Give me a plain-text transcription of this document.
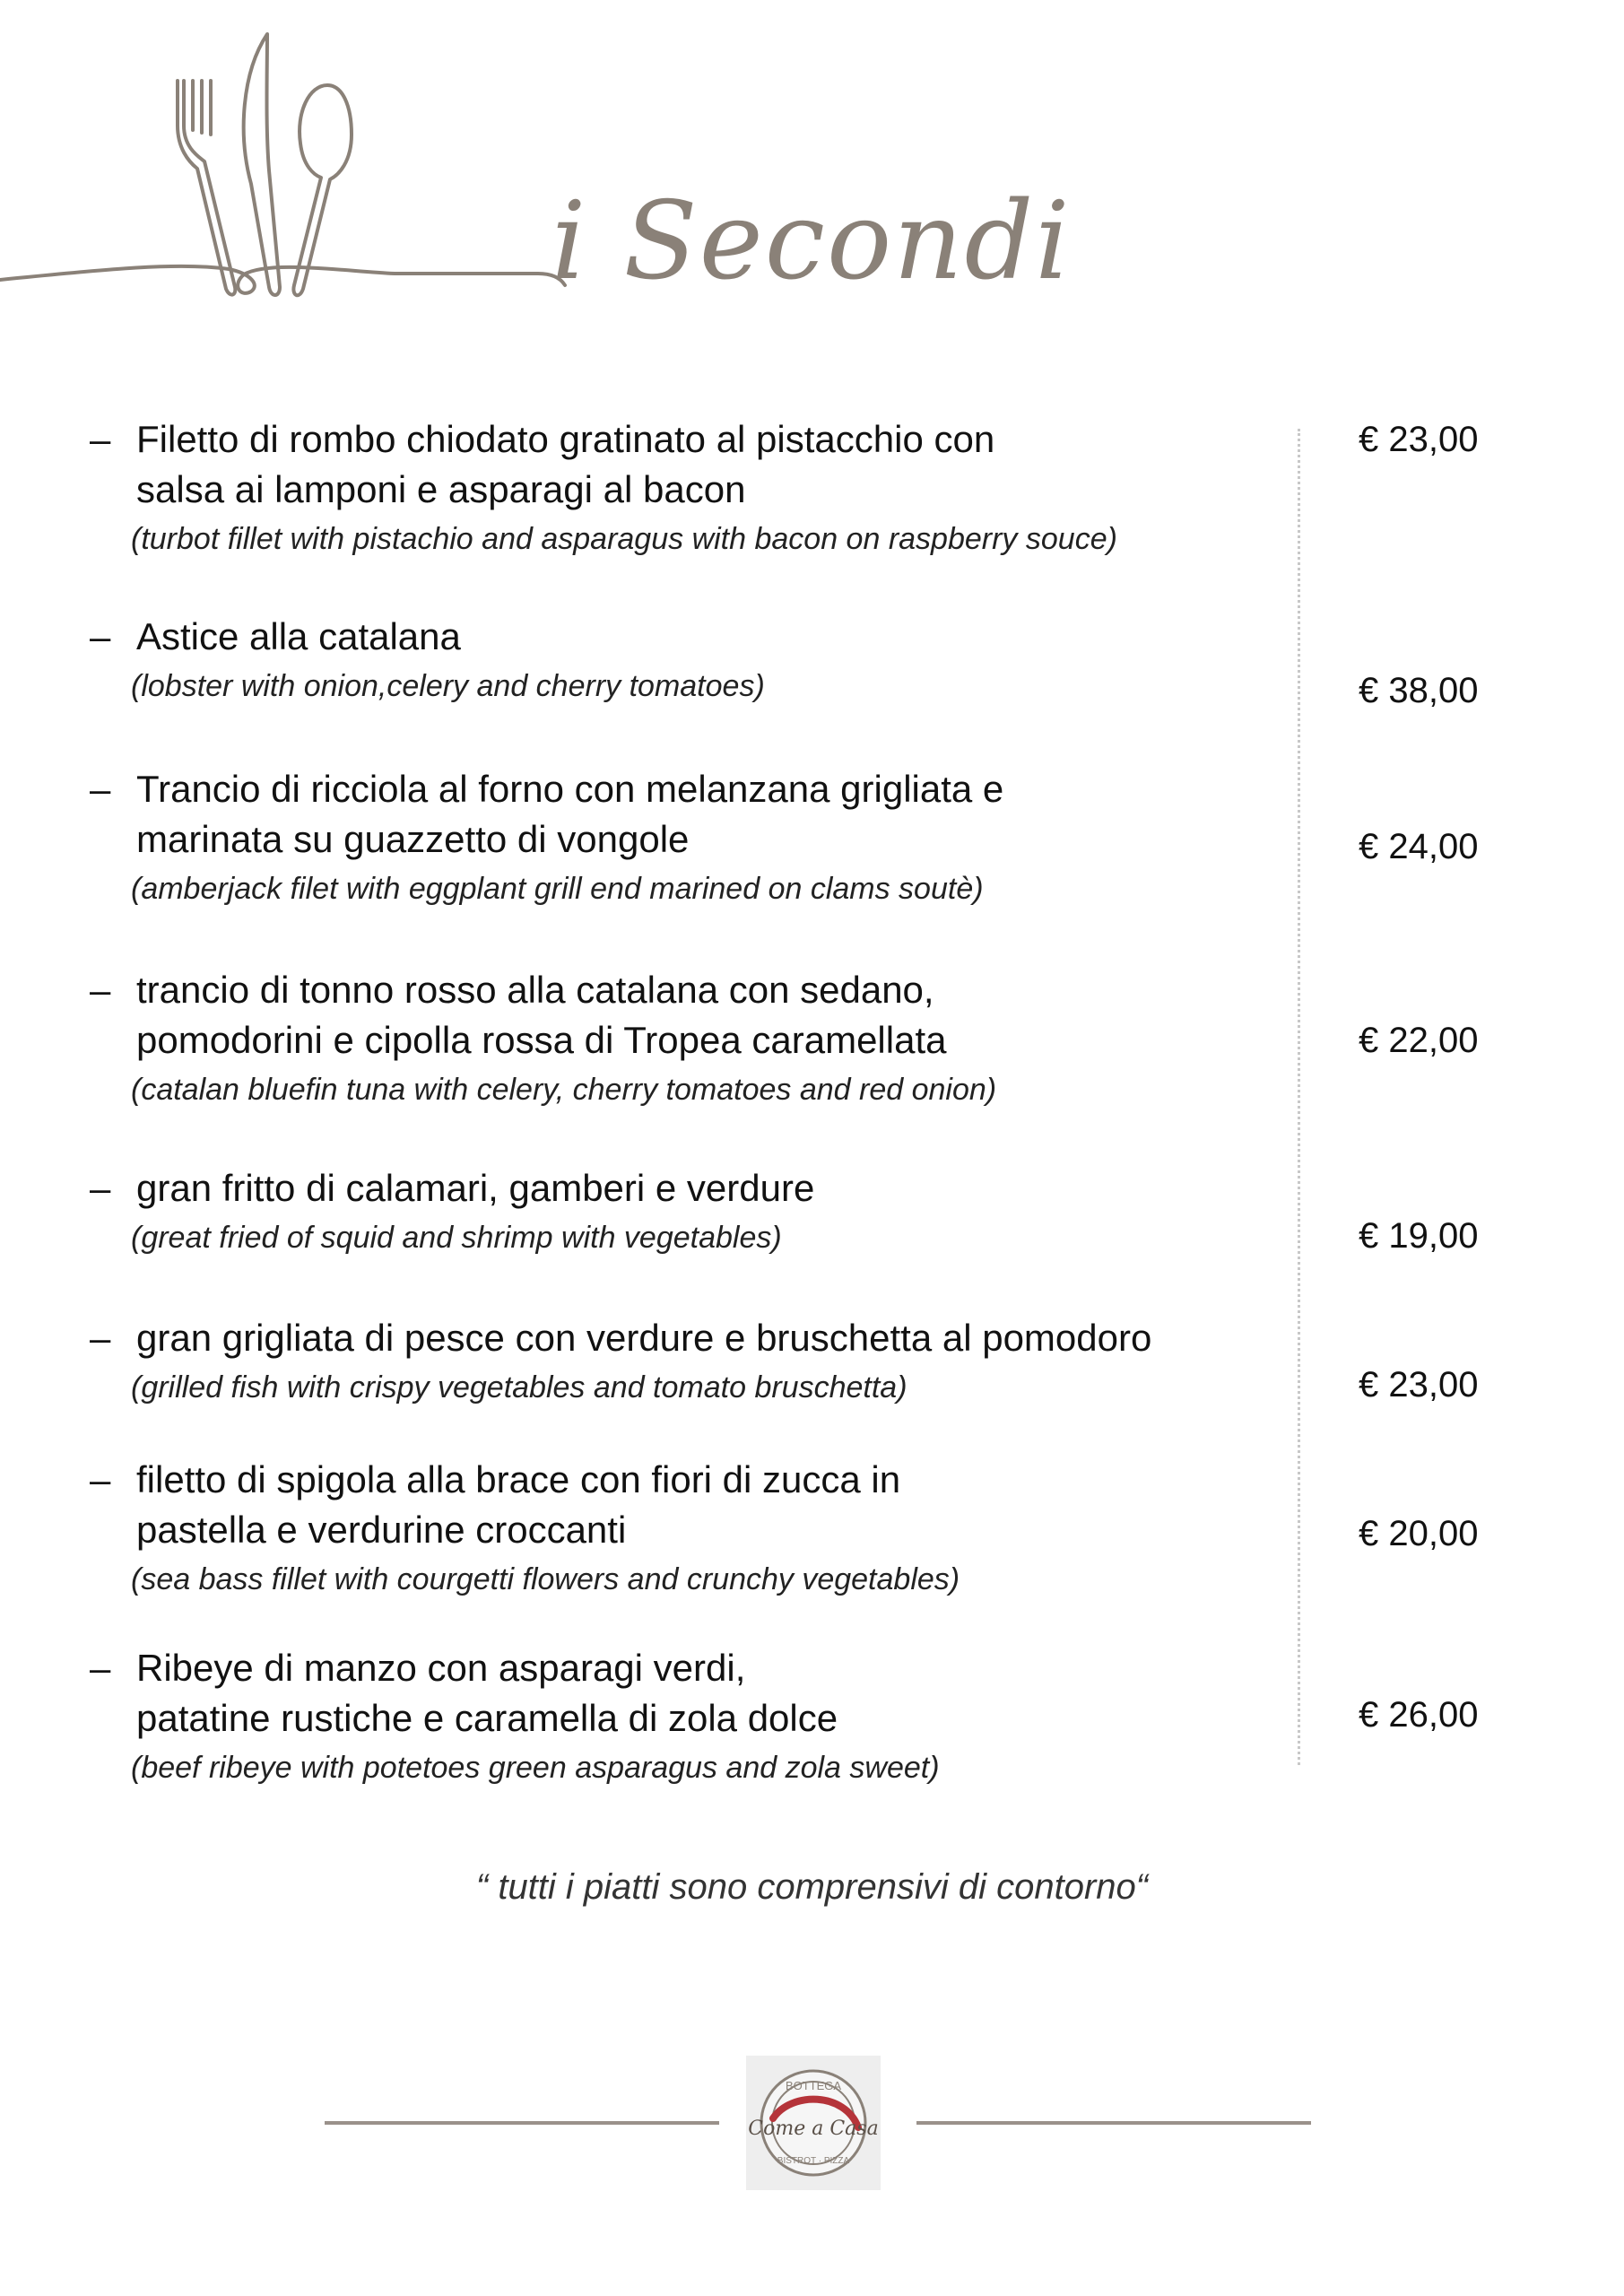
i Secondi
– Filetto di rombo chiodato gratinato al pistacchio con
salsa ai lamponi e asparagi al bacon
(turbot fillet with pistachio and asparagus with bacon on raspberry souce)
€ 23,00
– Astice alla catalana
(lobster with onion,celery and cherry tomatoes)	€ 38,00
– Trancio di ricciola al forno con melanzana grigliata e
marinata su guazzetto di vongole
(amberjack filet with eggplant grill end marined on clams soutè)
€ 24,00
– trancio di tonno rosso alla catalana con sedano,
pomodorini e cipolla rossa di Tropea caramellata
(catalan bluefin tuna with celery, cherry tomatoes and red onion)
€ 22,00
– gran fritto di calamari, gamberi e verdure
(great fried of squid and shrimp with vegetables)	€ 19,00
– gran grigliata di pesce con verdure e bruschetta al pomodoro
(grilled fish with crispy vegetables and tomato bruschetta)	€ 23,00
– filetto di spigola alla brace con fiori di zucca in
pastella e verdurine croccanti
(sea bass fillet with courgetti flowers and crunchy vegetables)
€ 20,00
– Ribeye di manzo con asparagi verdi,
patatine rustiche e caramella di zola dolce
(beef ribeye with potetoes green asparagus and zola sweet)
€ 26,00
“ tutti i piatti sono comprensivi di contorno“
BOTTEGA
Come a Casa
BISTROT · PIZZA
